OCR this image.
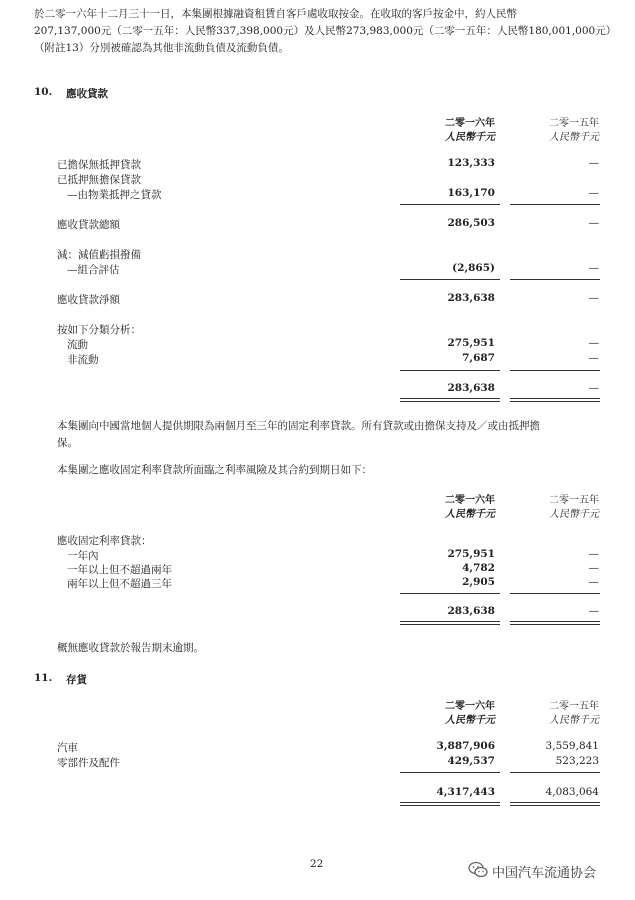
於二零一六年十二月三十一日，本集團根據融資租賃自客戶處收取按金。在收取的客戶按金中，約人民幣
207,137,000元（二零一五年：人民幣337,398,000元）及人民幣273,983,000元（二零一五年：人民幣180,001,000元）
（附註13）分別被確認為其他非流動負債及流動負債。
10. 應收貸款
二零一六年
人民幣千元
二零一五年
人民幣千元
已擔保無抵押貸款	123,333	—
已抵押無擔保貸款
—由物業抵押之貸款	163,170	—
應收貸款總額	286,503	—
減：減值虧損撥備
—組合評估	(2,865)	—
應收貸款淨額	283,638	—
按如下分類分析：
流動	275,951	—
非流動	7,687	—
283,638	—
本集團向中國當地個人提供期限為兩個月至三年的固定利率貸款。所有貸款或由擔保支持及／或由抵押擔
保。
本集團之應收固定利率貸款所面臨之利率風險及其合約到期日如下：
二零一六年
人民幣千元
二零一五年
人民幣千元
應收固定利率貸款：
一年內	275,951	—
一年以上但不超過兩年	4,782	—
兩年以上但不超過三年	2,905	—
283,638	—
概無應收貸款於報告期末逾期。
11. 存貨
二零一六年
人民幣千元
二零一五年
人民幣千元
汽車	3,887,906	3,559,841
零部件及配件	429,537	523,223
4,317,443	4,083,064
22
中国汽车流通协会
